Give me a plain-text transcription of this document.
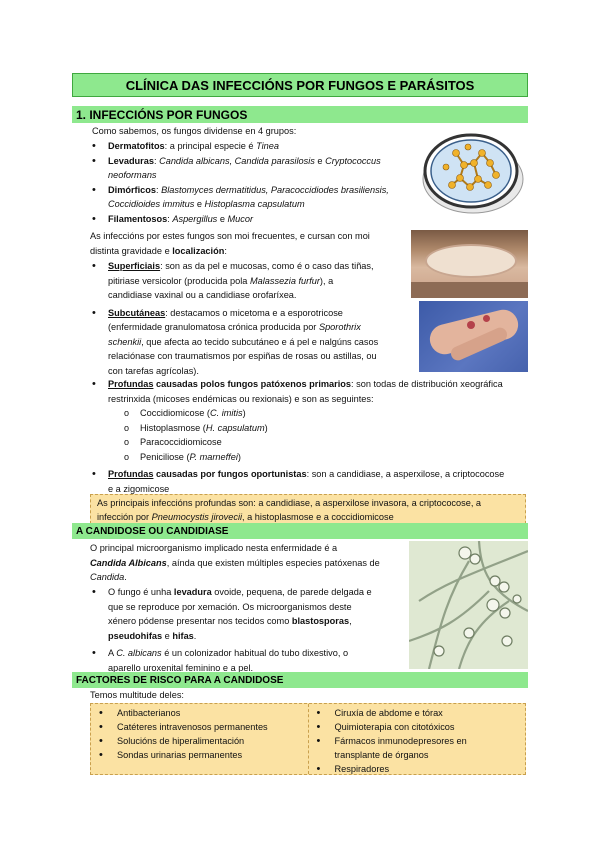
CLÍNICA DAS INFECCIÓNS POR FUNGOS E PARÁSITOS
1. INFECCIÓNS POR FUNGOS
Como sabemos, os fungos dividense en 4 grupos:
• Dermatofitos: a principal especie é Tinea
• Levaduras: Candida albicans, Candida parasilosis e Cryptococcus neoformans
• Dimórficos: Blastomyces dermatitidus, Paracoccidiodes brasiliensis, Coccidioides immitus e Histoplasma capsulatum
• Filamentosos: Aspergillus e Mucor
As infeccións por estes fungos son moi frecuentes, e cursan con moi
distinta gravidade e localización:
• Superficiais: son as da pel e mucosas, como é o caso das tiñas,
pitiriase versicolor (producida pola Malassezia furfur), a
candidiase vaxinal ou a candidiase orofaríxea.
• Subcutáneas: destacamos o micetoma e a esporotricose
(enfermidade granulomatosa crónica producida por Sporothrix
schenkii, que afecta ao tecido subcutáneo e á pel e nalgúns casos
relaciónase con traumatismos por espiñas de rosas ou astillas, ou
con tarefas agrícolas).
• Profundas causadas polos fungos patóxenos primarios: son todas de distribución xeográfica
restrinxida (micoses endémicas ou rexionais) e son as seguintes:
o Coccidiomicose (C. imitis)
o Histoplasmose (H. capsulatum)
o Paracoccidiomicose
o Peniciliose (P. marneffei)
• Profundas causadas por fungos oportunistas: son a candidiase, a asperxilose, a criptococose
e a zigomicose
As principais infeccións profundas son: a candidiase, a asperxilose invasora, a criptococose, a
infección por Pneumocystis jirovecii, a histoplasmose e a coccidiomicose
A CANDIDOSE OU CANDIDIASE
O principal microorganismo implicado nesta enfermidade é a
Candida Albicans, aínda que existen múltiples especies patóxenas de
Candida.
• O fungo é unha levadura ovoide, pequena, de parede delgada e
que se reproduce por xemación. Os microorganismos deste
xénero pódense presentar nos tecidos como blastosporas,
pseudohifas e hifas.
• A C. albicans é un colonizador habitual do tubo dixestivo, o
aparello uroxenital feminino e a pel.
FACTORES DE RISCO PARA A CANDIDOSE
Temos multitude deles:
• Antibacterianos
• Catéteres intravenosos permanentes
• Solucións de hiperalimentación
• Sondas urinarias permanentes
• Ciruxía de abdome e tórax
• Quimioterapia con citotóxicos
• Fármacos inmunodepresores en
transplante de órganos
• Respiradores
